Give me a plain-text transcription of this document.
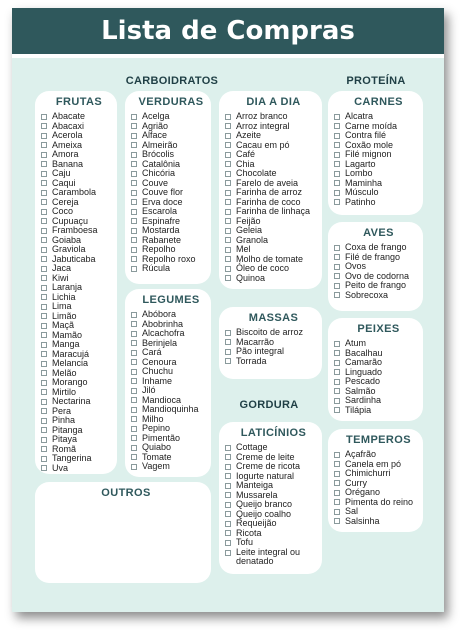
Lista de Compras
CARBOIDRATOS	PROTEÍNA
GORDURA
FRUTAS
Abacate
Abacaxi
Acerola
Ameixa
Amora
Banana
Caju
Caqui
Carambola
Cereja
Coco
Cupuaçu
Framboesa
Goiaba
Graviola
Jabuticaba
Jaca
Kiwi
Laranja
Lichia
Lima
Limão
Maçã
Mamão
Manga
Maracujá
Melancia
Melão
Morango
Mirtilo
Nectarina
Pera
Pinha
Pitanga
Pitaya
Romã
Tangerina
Uva
VERDURAS
Acelga
Agrião
Alface
Almeirão
Brócolis
Catalônia
Chicória
Couve
Couve flor
Erva doce
Escarola
Espinafre
Mostarda
Rabanete
Repolho
Repolho roxo
Rúcula
DIA A DIA
Arroz branco
Arroz integral
Azeite
Cacau em pó
Café
Chia
Chocolate
Farelo de aveia
Farinha de arroz
Farinha de coco
Farinha de linhaça
Feijão
Geleia
Granola
Mel
Molho de tomate
Óleo de coco
Quinoa
CARNES
Alcatra
Carne moída
Contra filé
Coxão mole
Filé mignon
Lagarto
Lombo
Maminha
Músculo
Patinho
AVES
Coxa de frango
Filé de frango
Ovos
Ovo de codorna
Peito de frango
Sobrecoxa
LEGUMES
Abóbora
Abobrinha
Alcachofra
Berinjela
Cará
Cenoura
Chuchu
Inhame
Jiló
Mandioca
Mandioquinha
Milho
Pepino
Pimentão
Quiabo
Tomate
Vagem
MASSAS
Biscoito de arroz
Macarrão
Pão integral
Torrada
PEIXES
Atum
Bacalhau
Camarão
Linguado
Pescado
Salmão
Sardinha
Tilápia
LATICÍNIOS
Cottage
Creme de leite
Creme de ricota
Iogurte natural
Manteiga
Mussarela
Queijo branco
Queijo coalho
Requeijão
Ricota
Tofu
Leite integral ou denatado
TEMPEROS
Açafrão
Canela em pó
Chimichurri
Curry
Orégano
Pimenta do reino
Sal
Salsinha
OUTROS
